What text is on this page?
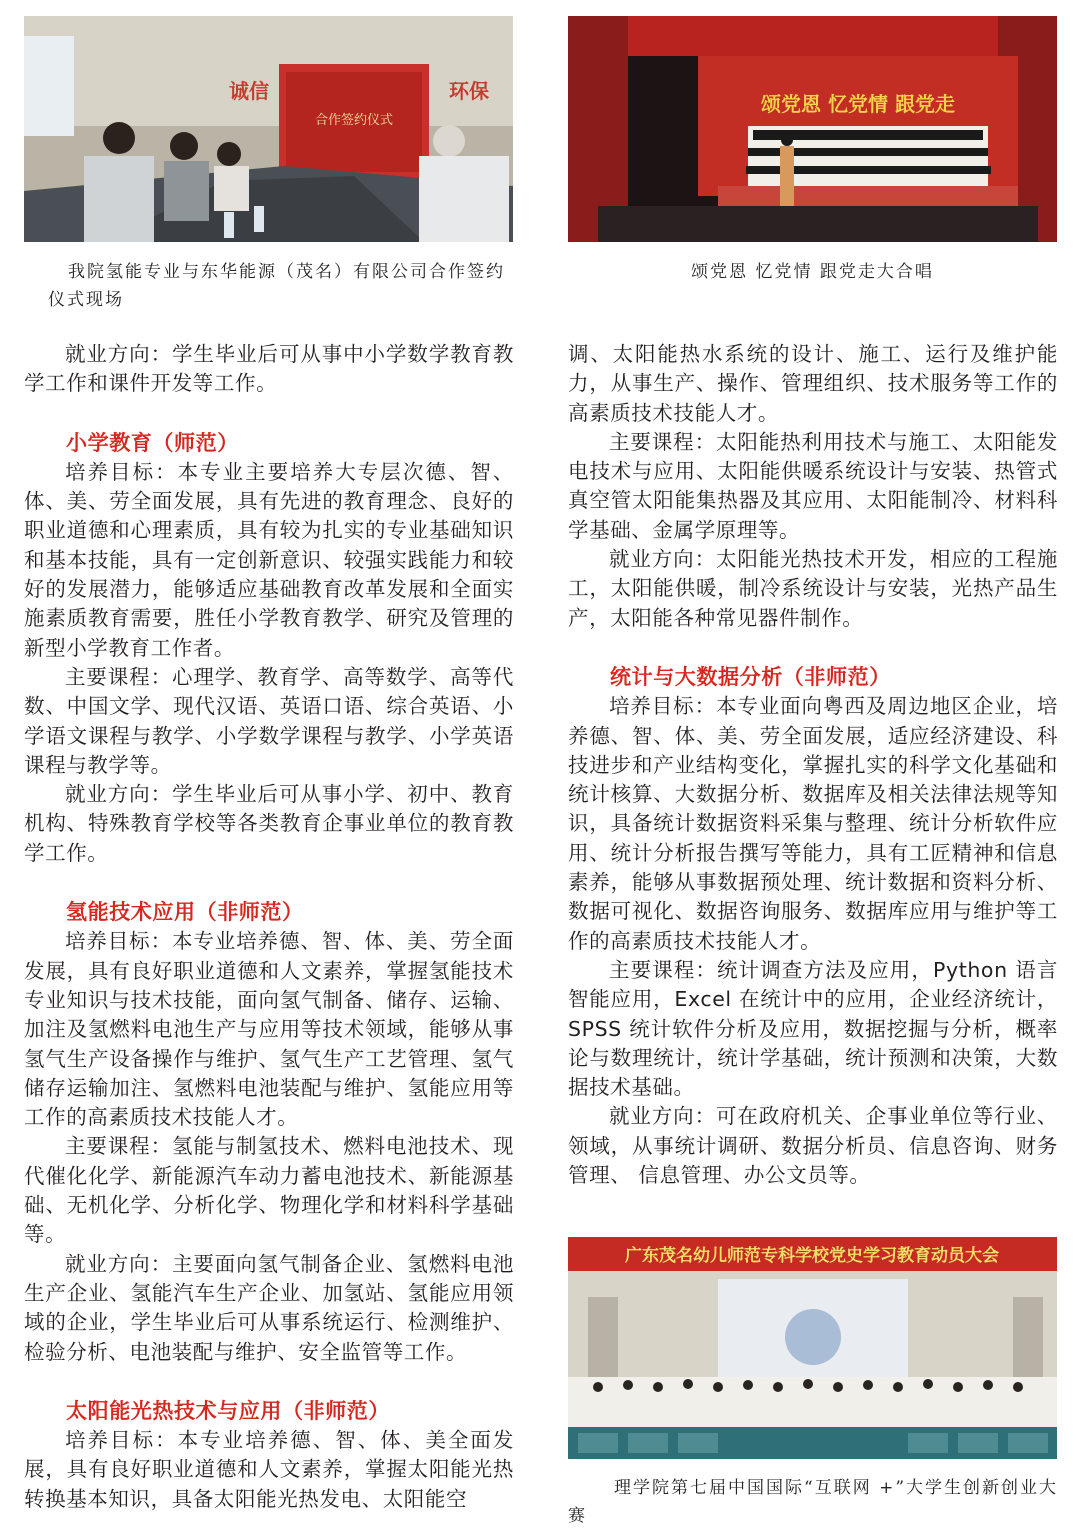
合作签约仪式
诚信	环保
我院氢能专业与东华能源（茂名）有限公司合作签约仪式现场
颂党恩 忆党情 跟党走
颂党恩 忆党情 跟党走大合唱

就业方向：学生毕业后可从事中小学数学教育教学工作和课件开发等工作。

小学教育（师范）

培养目标：本专业主要培养大专层次德、智、体、美、劳全面发展，具有先进的教育理念、良好的职业道德和心理素质，具有较为扎实的专业基础知识和基本技能，具有一定创新意识、较强实践能力和较好的发展潜力，能够适应基础教育改革发展和全面实施素质教育需要，胜任小学教育教学、研究及管理的新型小学教育工作者。

主要课程：心理学、教育学、高等数学、高等代数、中国文学、现代汉语、英语口语、综合英语、小学语文课程与教学、小学数学课程与教学、小学英语课程与教学等。

就业方向：学生毕业后可从事小学、初中、教育机构、特殊教育学校等各类教育企事业单位的教育教学工作。

氢能技术应用（非师范）

培养目标：本专业培养德、智、体、美、劳全面发展，具有良好职业道德和人文素养，掌握氢能技术专业知识与技术技能，面向氢气制备、储存、运输、加注及氢燃料电池生产与应用等技术领域，能够从事氢气生产设备操作与维护、氢气生产工艺管理、氢气储存运输加注、氢燃料电池装配与维护、氢能应用等工作的高素质技术技能人才。

主要课程：氢能与制氢技术、燃料电池技术、现代催化化学、新能源汽车动力蓄电池技术、新能源基础、无机化学、分析化学、物理化学和材料科学基础等。

就业方向：主要面向氢气制备企业、氢燃料电池生产企业、氢能汽车生产企业、加氢站、氢能应用领域的企业，学生毕业后可从事系统运行、检测维护、检验分析、电池装配与维护、安全监管等工作。

太阳能光热技术与应用（非师范）

培养目标：本专业培养德、智、体、美全面发展，具有良好职业道德和人文素养，掌握太阳能光热转换基本知识，具备太阳能光热发电、太阳能空

调、太阳能热水系统的设计、施工、运行及维护能力，从事生产、操作、管理组织、技术服务等工作的高素质技术技能人才。

主要课程：太阳能热利用技术与施工、太阳能发电技术与应用、太阳能供暖系统设计与安装、热管式真空管太阳能集热器及其应用、太阳能制冷、材料科学基础、金属学原理等。

就业方向：太阳能光热技术开发，相应的工程施工，太阳能供暖，制冷系统设计与安装，光热产品生产，太阳能各种常见器件制作。

统计与大数据分析（非师范）

培养目标：本专业面向粤西及周边地区企业，培养德、智、体、美、劳全面发展，适应经济建设、科技进步和产业结构变化，掌握扎实的科学文化基础和统计核算、大数据分析、数据库及相关法律法规等知识，具备统计数据资料采集与整理、统计分析软件应用、统计分析报告撰写等能力，具有工匠精神和信息素养，能够从事数据预处理、统计数据和资料分析、数据可视化、数据咨询服务、数据库应用与维护等工作的高素质技术技能人才。

主要课程：统计调查方法及应用，Python 语言智能应用，Excel 在统计中的应用，企业经济统计，SPSS 统计软件分析及应用，数据挖掘与分析，概率论与数理统计，统计学基础，统计预测和决策，大数据技术基础。

就业方向：可在政府机关、企事业单位等行业、领域，从事统计调研、数据分析员、信息咨询、财务管理、 信息管理、办公文员等。

广东茂名幼儿师范专科学校党史学习教育动员大会
理学院第七届中国国际“互联网 +”大学生创新创业大赛
